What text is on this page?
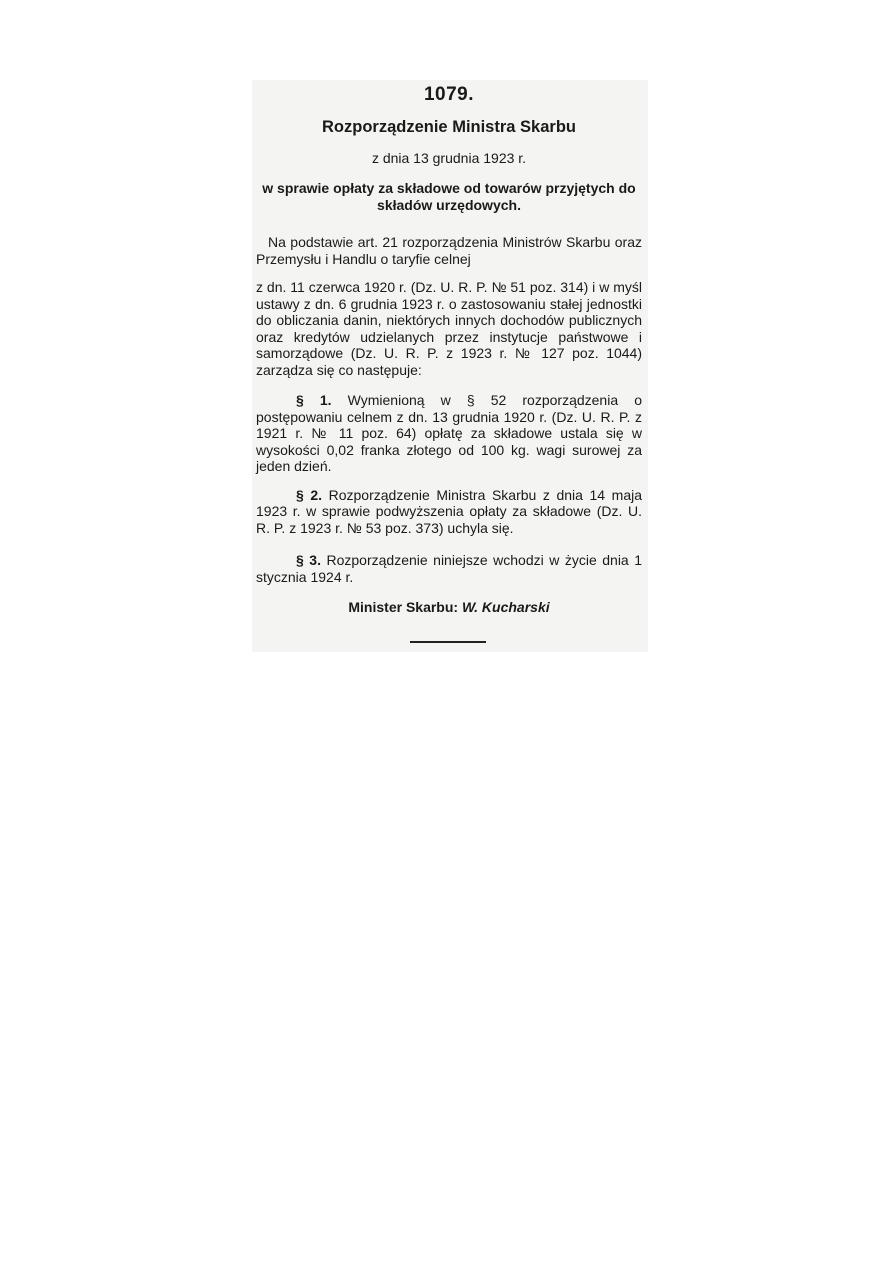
1079.
Rozporządzenie Ministra Skarbu
z dnia 13 grudnia 1923 r.
w sprawie opłaty za składowe od towarów przyjętych do składów urzędowych.

Na podstawie art. 21 rozporządzenia Ministrów Skarbu oraz Przemysłu i Handlu o taryfie celnej

z dn. 11 czerwca 1920 r. (Dz. U. R. P. № 51 poz. 314) i w myśl ustawy z dn. 6 grudnia 1923 r. o zastosowaniu stałej jednostki do obliczania danin, niektórych innych dochodów publicznych oraz kredytów udzielanych przez instytucje państwowe i samorządowe (Dz. U. R. P. z 1923 r. № 127 poz. 1044) zarządza się co następuje:

§ 1. Wymienioną w § 52 rozporządzenia o postępowaniu celnem z dn. 13 grudnia 1920 r. (Dz. U. R. P. z 1921 r. № 11 poz. 64) opłatę za składowe ustala się w wysokości 0,02 franka złotego od 100 kg. wagi surowej za jeden dzień.

§ 2. Rozporządzenie Ministra Skarbu z dnia 14 maja 1923 r. w sprawie podwyższenia opłaty za składowe (Dz. U. R. P. z 1923 r. № 53 poz. 373) uchyla się.

§ 3. Rozporządzenie niniejsze wchodzi w życie dnia 1 stycznia 1924 r.

Minister Skarbu: W. Kucharski
